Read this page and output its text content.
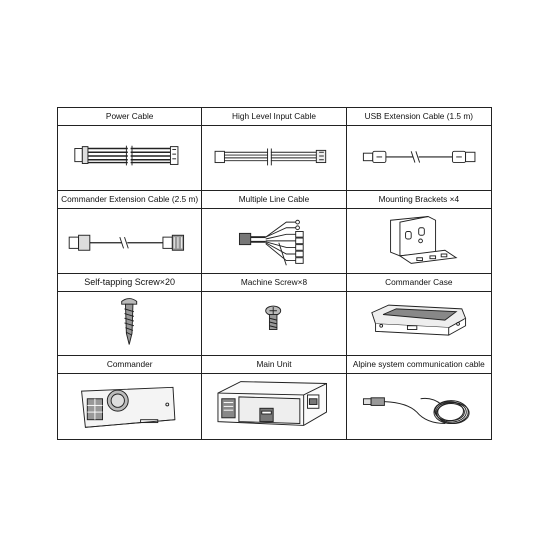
Power Cable	High Level Input Cable	USB Extension Cable (1.5 m)
Commander Extension Cable (2.5 m)	Multiple Line Cable	Mounting Brackets ×4
Self-tapping Screw×20	Machine Screw×8	Commander Case
Commander	Main Unit	Alpine system communication cable
